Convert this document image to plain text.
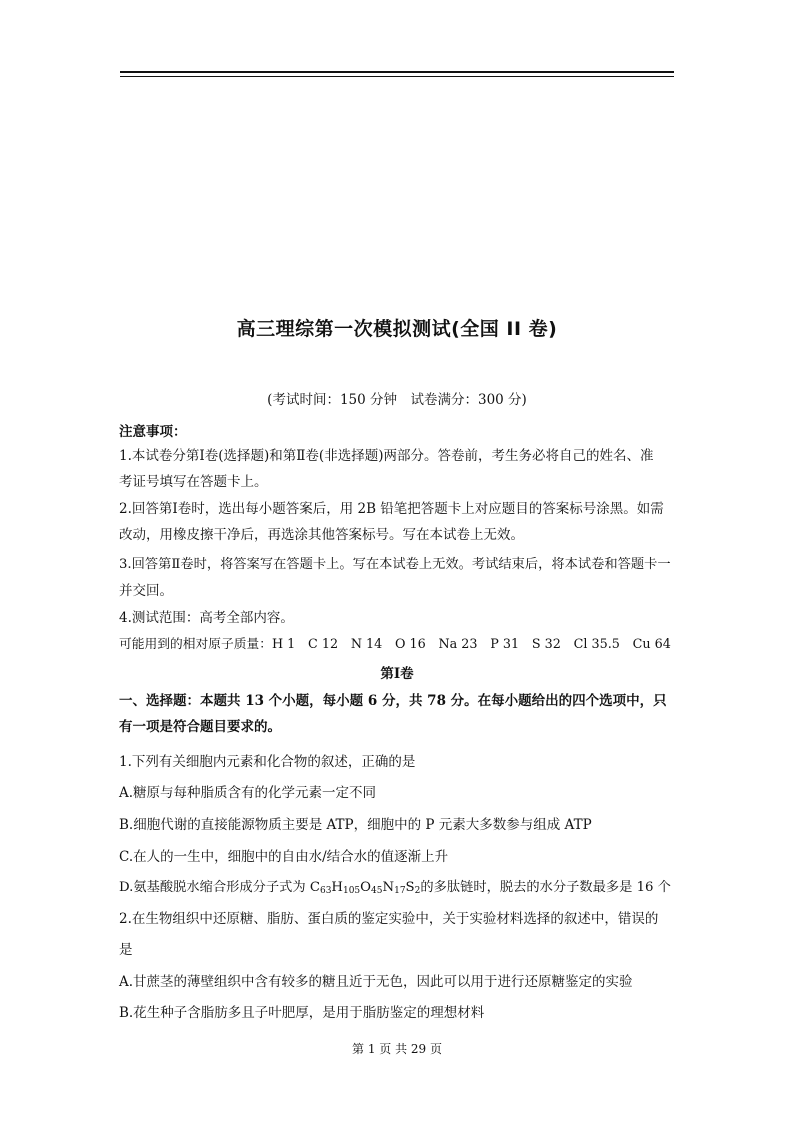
高三理综第一次模拟测试(全国 II 卷)
(考试时间：150 分钟　试卷满分：300 分)
注意事项：
1.本试卷分第Ⅰ卷(选择题)和第Ⅱ卷(非选择题)两部分。答卷前，考生务必将自己的姓名、准
考证号填写在答题卡上。
2.回答第Ⅰ卷时，选出每小题答案后，用 2B 铅笔把答题卡上对应题目的答案标号涂黑。如需
改动，用橡皮擦干净后，再选涂其他答案标号。写在本试卷上无效。
3.回答第Ⅱ卷时，将答案写在答题卡上。写在本试卷上无效。考试结束后，将本试卷和答题卡一
并交回。
4.测试范围：高考全部内容。
可能用到的相对原子质量：H 1　C 12　N 14　O 16　Na 23　P 31　S 32　Cl 35.5　Cu 64
第Ⅰ卷
一、选择题：本题共 13 个小题，每小题 6 分，共 78 分。在每小题给出的四个选项中，只
有一项是符合题目要求的。
1.下列有关细胞内元素和化合物的叙述，正确的是
A.糖原与每种脂质含有的化学元素一定不同
B.细胞代谢的直接能源物质主要是 ATP，细胞中的 P 元素大多数参与组成 ATP
C.在人的一生中，细胞中的自由水/结合水的值逐渐上升
D.氨基酸脱水缩合形成分子式为 $C_{63}H_{105}O_{45}N_{17}S_2$的多肽链时，脱去的水分子数最多是 16 个
2.在生物组织中还原糖、脂肪、蛋白质的鉴定实验中，关于实验材料选择的叙述中，错误的
是
A.甘蔗茎的薄壁组织中含有较多的糖且近于无色，因此可以用于进行还原糖鉴定的实验
B.花生种子含脂肪多且子叶肥厚，是用于脂肪鉴定的理想材料
第 1 页 共 29 页
